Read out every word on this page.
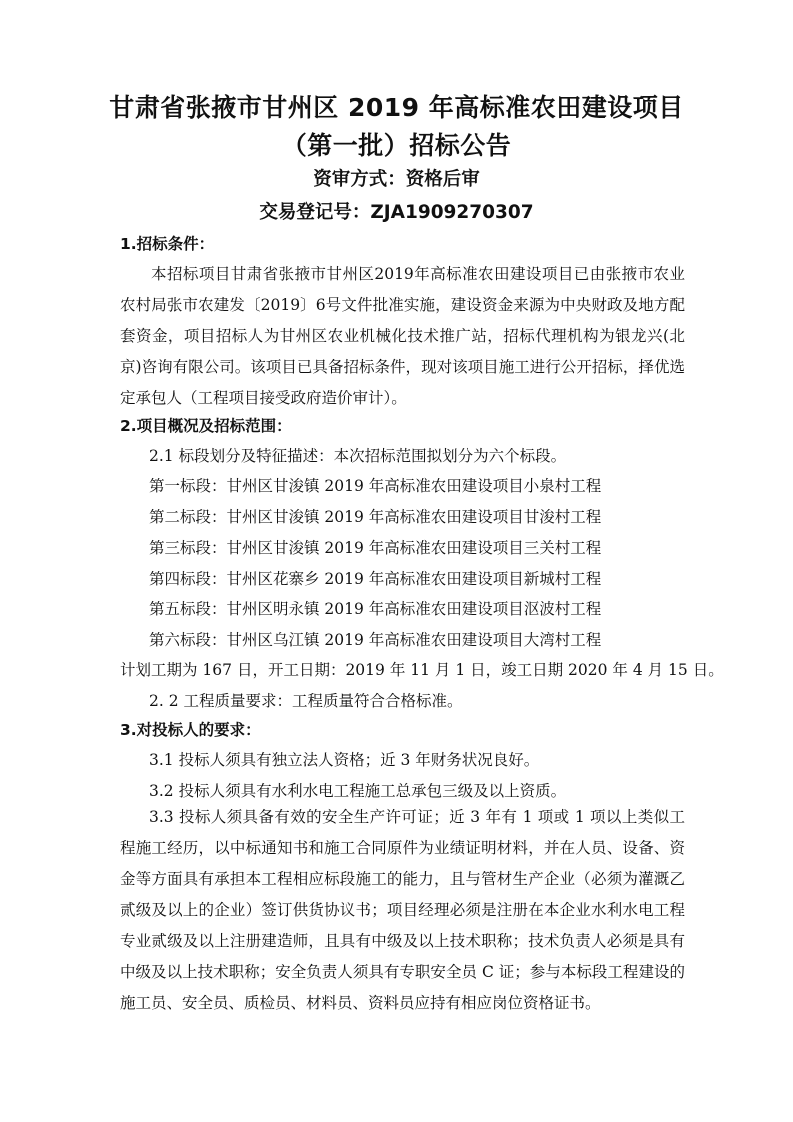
甘肃省张掖市甘州区 2019 年高标准农田建设项目
（第一批）招标公告
资审方式：资格后审
交易登记号：ZJA1909270307
1.招标条件：
本招标项目甘肃省张掖市甘州区2019年高标准农田建设项目已由张掖市农业农村局张市农建发〔2019〕6号文件批准实施，建设资金来源为中央财政及地方配套资金，项目招标人为甘州区农业机械化技术推广站，招标代理机构为银龙兴(北京)咨询有限公司。该项目已具备招标条件，现对该项目施工进行公开招标，择优选定承包人（工程项目接受政府造价审计）。
2.项目概况及招标范围：
2.1 标段划分及特征描述：本次招标范围拟划分为六个标段。
第一标段：甘州区甘浚镇 2019 年高标准农田建设项目小泉村工程
第二标段：甘州区甘浚镇 2019 年高标准农田建设项目甘浚村工程
第三标段：甘州区甘浚镇 2019 年高标准农田建设项目三关村工程
第四标段：甘州区花寨乡 2019 年高标准农田建设项目新城村工程
第五标段：甘州区明永镇 2019 年高标准农田建设项目沤波村工程
第六标段：甘州区乌江镇 2019 年高标准农田建设项目大湾村工程
计划工期为 167 日，开工日期：2019 年 11 月 1 日，竣工日期 2020 年 4 月 15 日。
2. 2 工程质量要求：工程质量符合合格标准。
3.对投标人的要求：
3.1 投标人须具有独立法人资格；近 3 年财务状况良好。
3.2 投标人须具有水利水电工程施工总承包三级及以上资质。
3.3 投标人须具备有效的安全生产许可证；近 3 年有 1 项或 1 项以上类似工程施工经历，以中标通知书和施工合同原件为业绩证明材料，并在人员、设备、资金等方面具有承担本工程相应标段施工的能力，且与管材生产企业（必须为灌溉乙贰级及以上的企业）签订供货协议书；项目经理必须是注册在本企业水利水电工程专业贰级及以上注册建造师，且具有中级及以上技术职称；技术负责人必须是具有中级及以上技术职称；安全负责人须具有专职安全员 C 证；参与本标段工程建设的施工员、安全员、质检员、材料员、资料员应持有相应岗位资格证书。
